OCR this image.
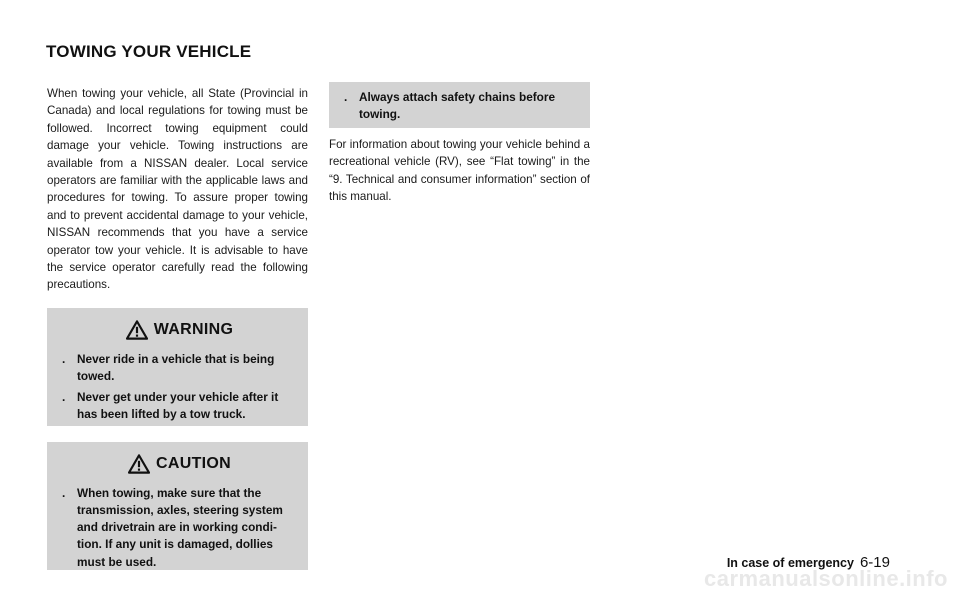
TOWING YOUR VEHICLE

When towing your vehicle, all State (Provincial in Canada) and local regulations for towing must be followed. Incorrect towing equipment could damage your vehicle. Towing instructions are available from a NISSAN dealer. Local service operators are familiar with the applicable laws and procedures for towing. To assure proper towing and to prevent accidental damage to your vehicle, NISSAN recommends that you have a service operator tow your vehicle. It is advisable to have the service operator carefully read the following precautions.

WARNING
. Never ride in a vehicle that is being towed.
. Never get under your vehicle after it has been lifted by a tow truck.
CAUTION
. When towing, make sure that the transmission, axles, steering system and drivetrain are in working condi-tion. If any unit is damaged, dollies must be used.
. Always attach safety chains before towing.

For information about towing your vehicle behind a recreational vehicle (RV), see “Flat towing” in the “9. Technical and consumer information” section of this manual.

In case of emergency 6-19
carmanualsonline.info
